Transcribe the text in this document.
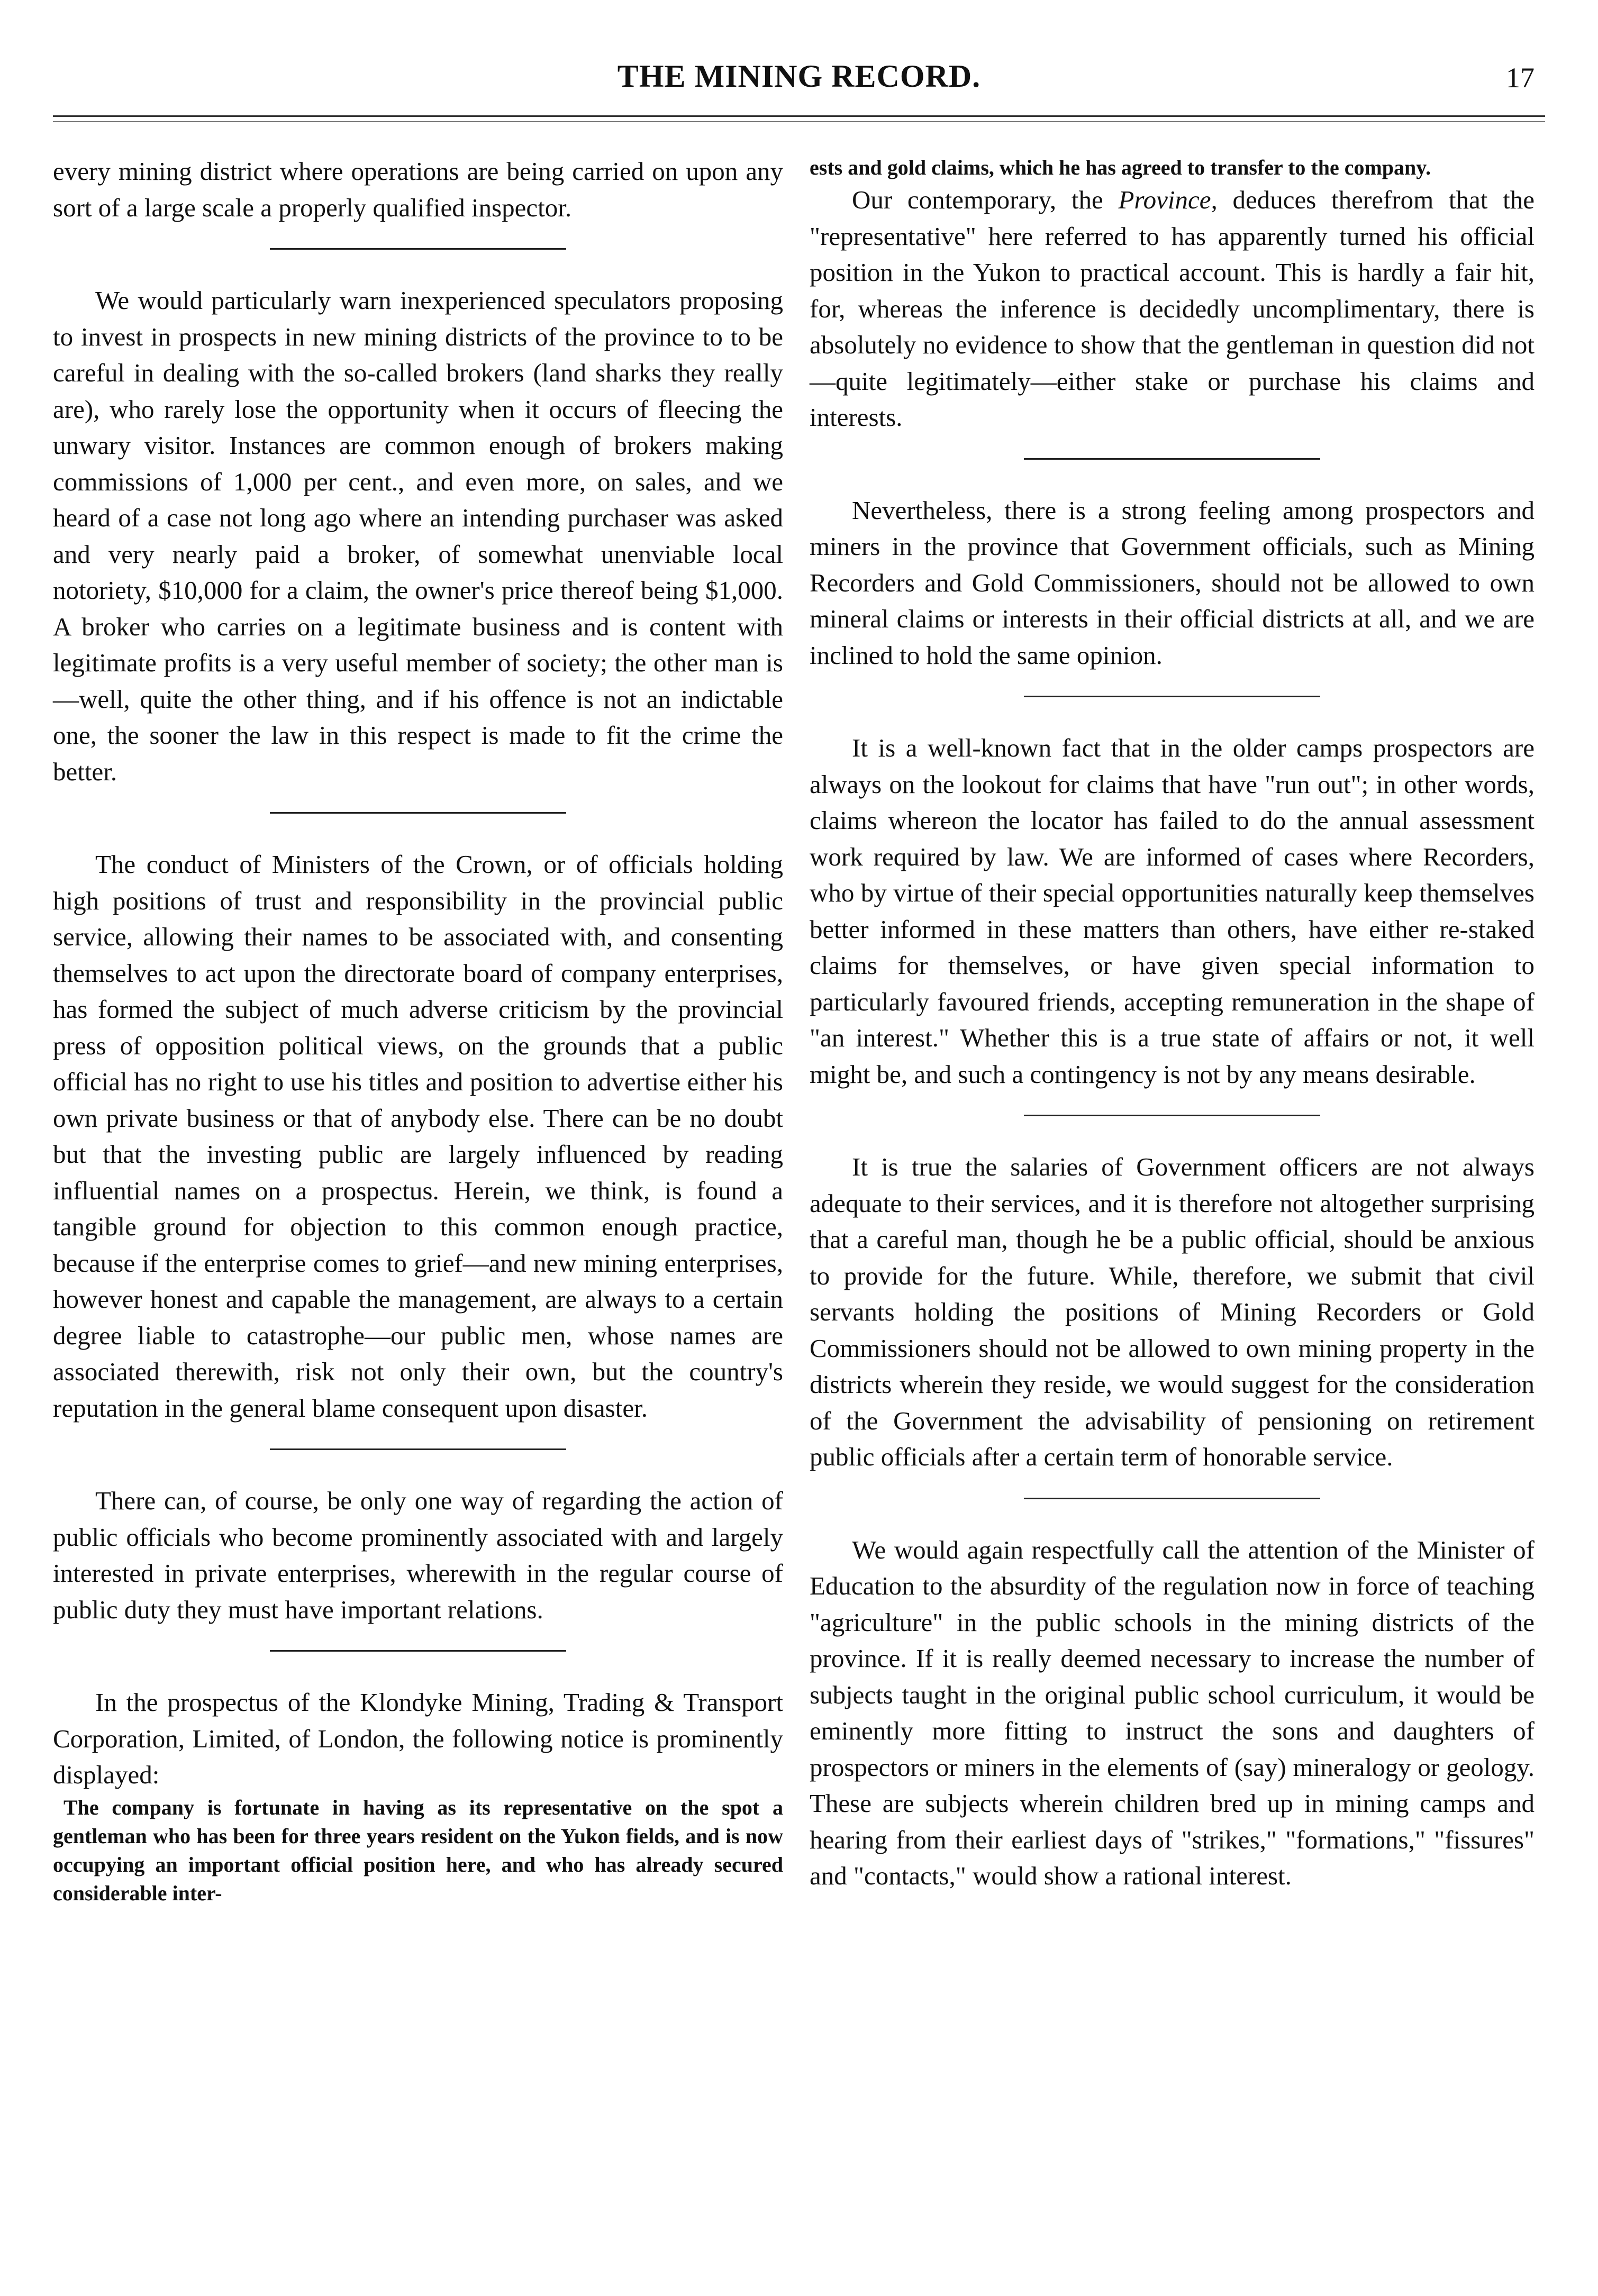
THE MINING RECORD.	17

every mining district where operations are being carried on upon any sort of a large scale a properly qualified inspector.

We would particularly warn inexperienced speculators proposing to invest in prospects in new mining districts of the province to to be careful in dealing with the so-called brokers (land sharks they really are), who rarely lose the opportunity when it occurs of fleecing the unwary visitor. Instances are common enough of brokers making commissions of 1,000 per cent., and even more, on sales, and we heard of a case not long ago where an intending purchaser was asked and very nearly paid a broker, of somewhat unenviable local notoriety, $10,000 for a claim, the owner's price thereof being $1,000. A broker who carries on a legitimate business and is content with legitimate profits is a very useful member of society; the other man is—well, quite the other thing, and if his offence is not an indictable one, the sooner the law in this respect is made to fit the crime the better.

The conduct of Ministers of the Crown, or of officials holding high positions of trust and responsibility in the provincial public service, allowing their names to be associated with, and consenting themselves to act upon the directorate board of company enterprises, has formed the subject of much adverse criticism by the provincial press of opposition political views, on the grounds that a public official has no right to use his titles and position to advertise either his own private business or that of anybody else. There can be no doubt but that the investing public are largely influenced by reading influential names on a prospectus. Herein, we think, is found a tangible ground for objection to this common enough practice, because if the enterprise comes to grief—and new mining enterprises, however honest and capable the management, are always to a certain degree liable to catastrophe—our public men, whose names are associated therewith, risk not only their own, but the country's reputation in the general blame consequent upon disaster.

There can, of course, be only one way of regarding the action of public officials who become prominently associated with and largely interested in private enterprises, wherewith in the regular course of public duty they must have important relations.

In the prospectus of the Klondyke Mining, Trading & Transport Corporation, Limited, of London, the following notice is prominently displayed:

The company is fortunate in having as its representative on the spot a gentleman who has been for three years resident on the Yukon fields, and is now occupying an important official position here, and who has already secured considerable inter-

ests and gold claims, which he has agreed to transfer to the company.

Our contemporary, the Province, deduces therefrom that the "representative" here referred to has apparently turned his official position in the Yukon to practical account. This is hardly a fair hit, for, whereas the inference is decidedly uncomplimentary, there is absolutely no evidence to show that the gentleman in question did not—quite legitimately—either stake or purchase his claims and interests.

Nevertheless, there is a strong feeling among prospectors and miners in the province that Government officials, such as Mining Recorders and Gold Commissioners, should not be allowed to own mineral claims or interests in their official districts at all, and we are inclined to hold the same opinion.

It is a well-known fact that in the older camps prospectors are always on the lookout for claims that have "run out"; in other words, claims whereon the locator has failed to do the annual assessment work required by law. We are informed of cases where Recorders, who by virtue of their special opportunities naturally keep themselves better informed in these matters than others, have either re-staked claims for themselves, or have given special information to particularly favoured friends, accepting remuneration in the shape of "an interest." Whether this is a true state of affairs or not, it well might be, and such a contingency is not by any means desirable.

It is true the salaries of Government officers are not always adequate to their services, and it is therefore not altogether surprising that a careful man, though he be a public official, should be anxious to provide for the future. While, therefore, we submit that civil servants holding the positions of Mining Recorders or Gold Commissioners should not be allowed to own mining property in the districts wherein they reside, we would suggest for the consideration of the Government the advisability of pensioning on retirement public officials after a certain term of honorable service.

We would again respectfully call the attention of the Minister of Education to the absurdity of the regulation now in force of teaching "agriculture" in the public schools in the mining districts of the province. If it is really deemed necessary to increase the number of subjects taught in the original public school curriculum, it would be eminently more fitting to instruct the sons and daughters of prospectors or miners in the elements of (say) mineralogy or geology. These are subjects wherein children bred up in mining camps and hearing from their earliest days of "strikes," "formations," "fissures" and "contacts," would show a rational interest.
